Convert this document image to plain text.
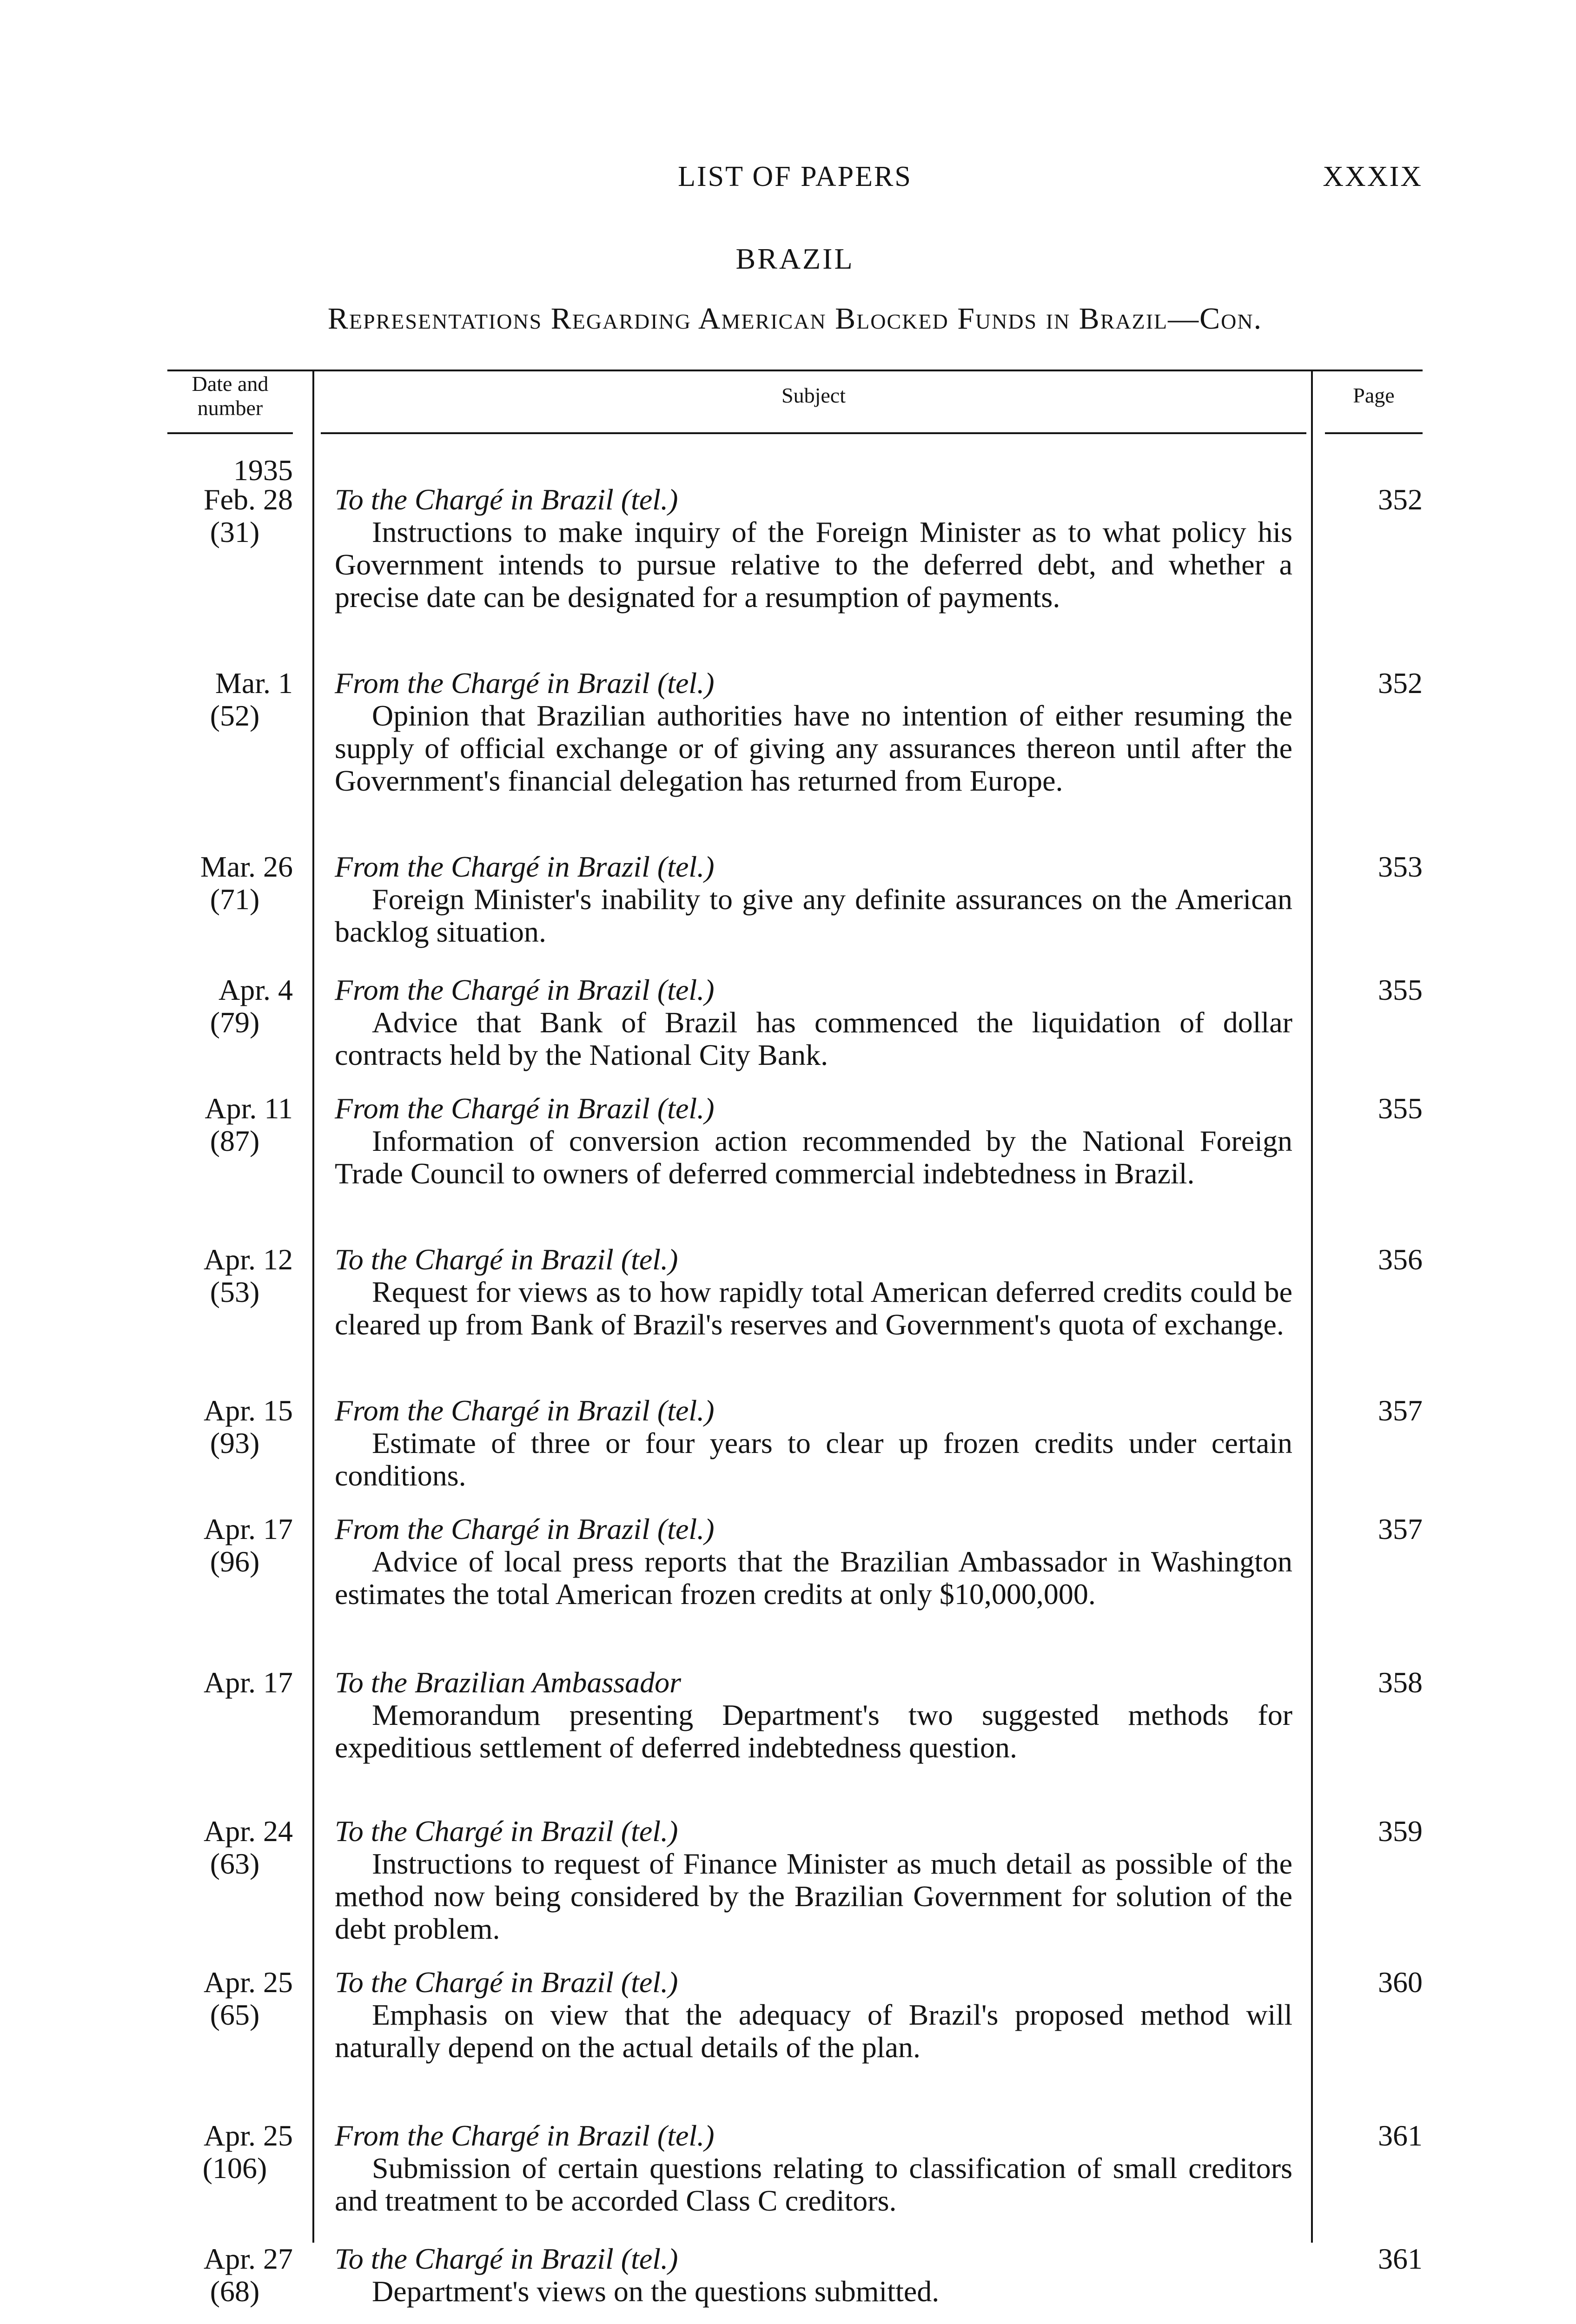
LIST OF PAPERS	XXXIX
BRAZIL
Representations Regarding American Blocked Funds in Brazil—Con.
Date and number
Subject	Page
1935
Feb. 28
(31)
To the Chargé in Brazil (tel.)
Instructions to make inquiry of the Foreign Minister as to what policy his Government intends to pursue relative to the deferred debt, and whether a precise date can be designated for a resumption of payments.
352
Mar. 1
(52)
From the Chargé in Brazil (tel.)
Opinion that Brazilian authorities have no intention of either resuming the supply of official exchange or of giving any assurances thereon until after the Government's financial delegation has returned from Europe.
352
Mar. 26
(71)
From the Chargé in Brazil (tel.)
Foreign Minister's inability to give any definite assurances on the American backlog situation.
353
Apr. 4
(79)
From the Chargé in Brazil (tel.)
Advice that Bank of Brazil has commenced the liquidation of dollar contracts held by the National City Bank.
355
Apr. 11
(87)
From the Chargé in Brazil (tel.)
Information of conversion action recommended by the National Foreign Trade Council to owners of deferred commercial indebtedness in Brazil.
355
Apr. 12
(53)
To the Chargé in Brazil (tel.)
Request for views as to how rapidly total American deferred credits could be cleared up from Bank of Brazil's reserves and Government's quota of exchange.
356
Apr. 15
(93)
From the Chargé in Brazil (tel.)
Estimate of three or four years to clear up frozen credits under certain conditions.
357
Apr. 17
(96)
From the Chargé in Brazil (tel.)
Advice of local press reports that the Brazilian Ambassador in Washington estimates the total American frozen credits at only $10,000,000.
357
Apr. 17 To the Brazilian Ambassador
Memorandum presenting Department's two suggested methods for expeditious settlement of deferred indebtedness question.
358
Apr. 24
(63)
To the Chargé in Brazil (tel.)
Instructions to request of Finance Minister as much detail as possible of the method now being considered by the Brazilian Government for solution of the debt problem.
359
Apr. 25
(65)
To the Chargé in Brazil (tel.)
Emphasis on view that the adequacy of Brazil's proposed method will naturally depend on the actual details of the plan.
360
Apr. 25
(106)
From the Chargé in Brazil (tel.)
Submission of certain questions relating to classification of small creditors and treatment to be accorded Class C creditors.
361
Apr. 27
(68)
To the Chargé in Brazil (tel.)
Department's views on the questions submitted.
361
